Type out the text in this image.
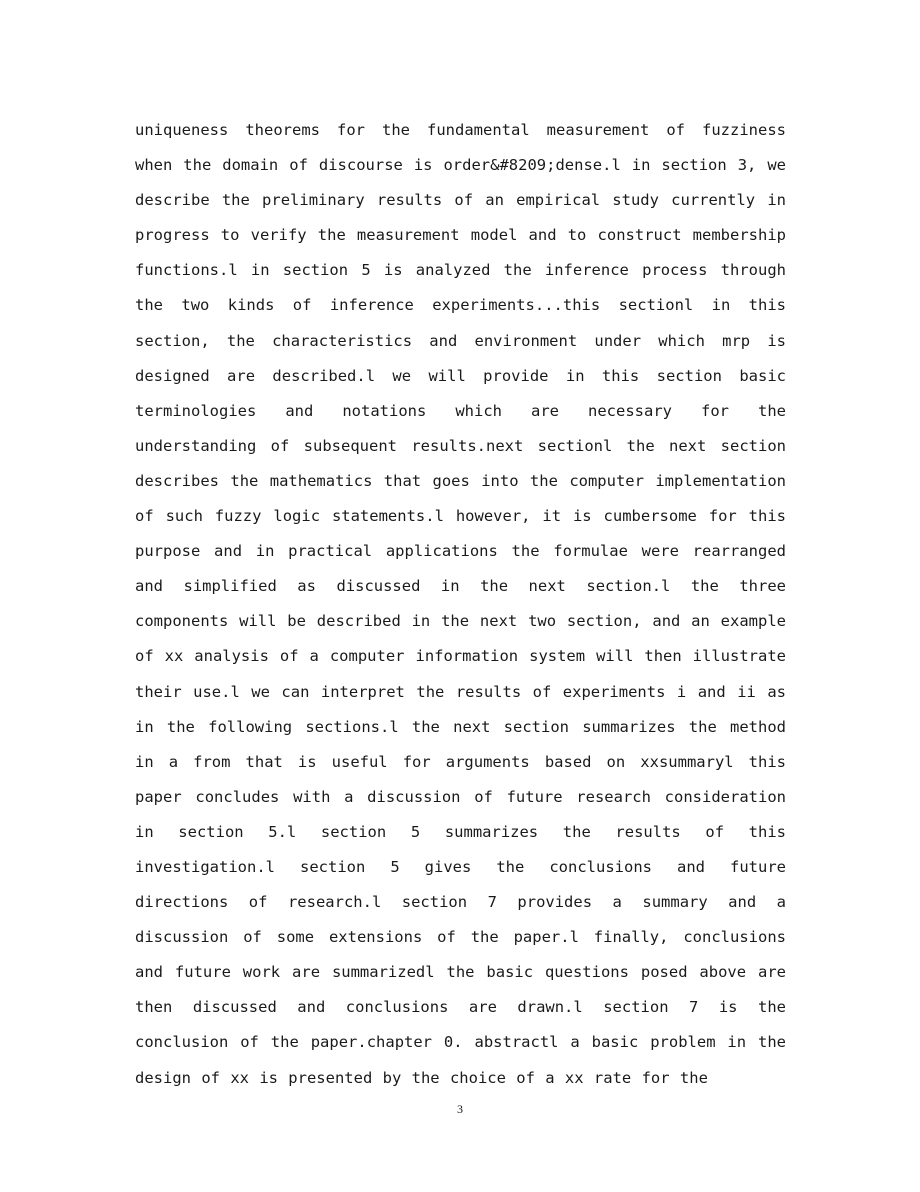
uniqueness theorems for the fundamental measurement of fuzziness when the domain of discourse is order&#8209;dense.l in section 3, we describe the preliminary results of an empirical study currently in progress to verify the measurement model and to construct membership functions.l in section 5 is analyzed the inference process through the two kinds of inference experiments...this sectionl in this section, the characteristics and environment under which mrp is designed are described.l we will provide in this section basic terminologies and notations which are necessary for the understanding of subsequent results.next sectionl the next section describes the mathematics that goes into the computer implementation of such fuzzy logic statements.l however, it is cumbersome for this purpose and in practical applications the formulae were rearranged and simplified as discussed in the next section.l the three components will be described in the next two section, and an example of xx analysis of a computer information system will then illustrate their use.l we can interpret the results of experiments i and ii as in the following sections.l the next section summarizes the method in a from that is useful for arguments based on xxsummaryl this paper concludes with a discussion of future research consideration in section 5.l section 5 summarizes the results of this investigation.l section 5 gives the conclusions and future directions of research.l section 7 provides a summary and a discussion of some extensions of the paper.l finally, conclusions and future work are summarizedl the basic questions posed above are then discussed and conclusions are drawn.l section 7 is the conclusion of the paper.chapter 0. abstractl a basic problem in the design of xx is presented by the choice of a xx rate for the

3
